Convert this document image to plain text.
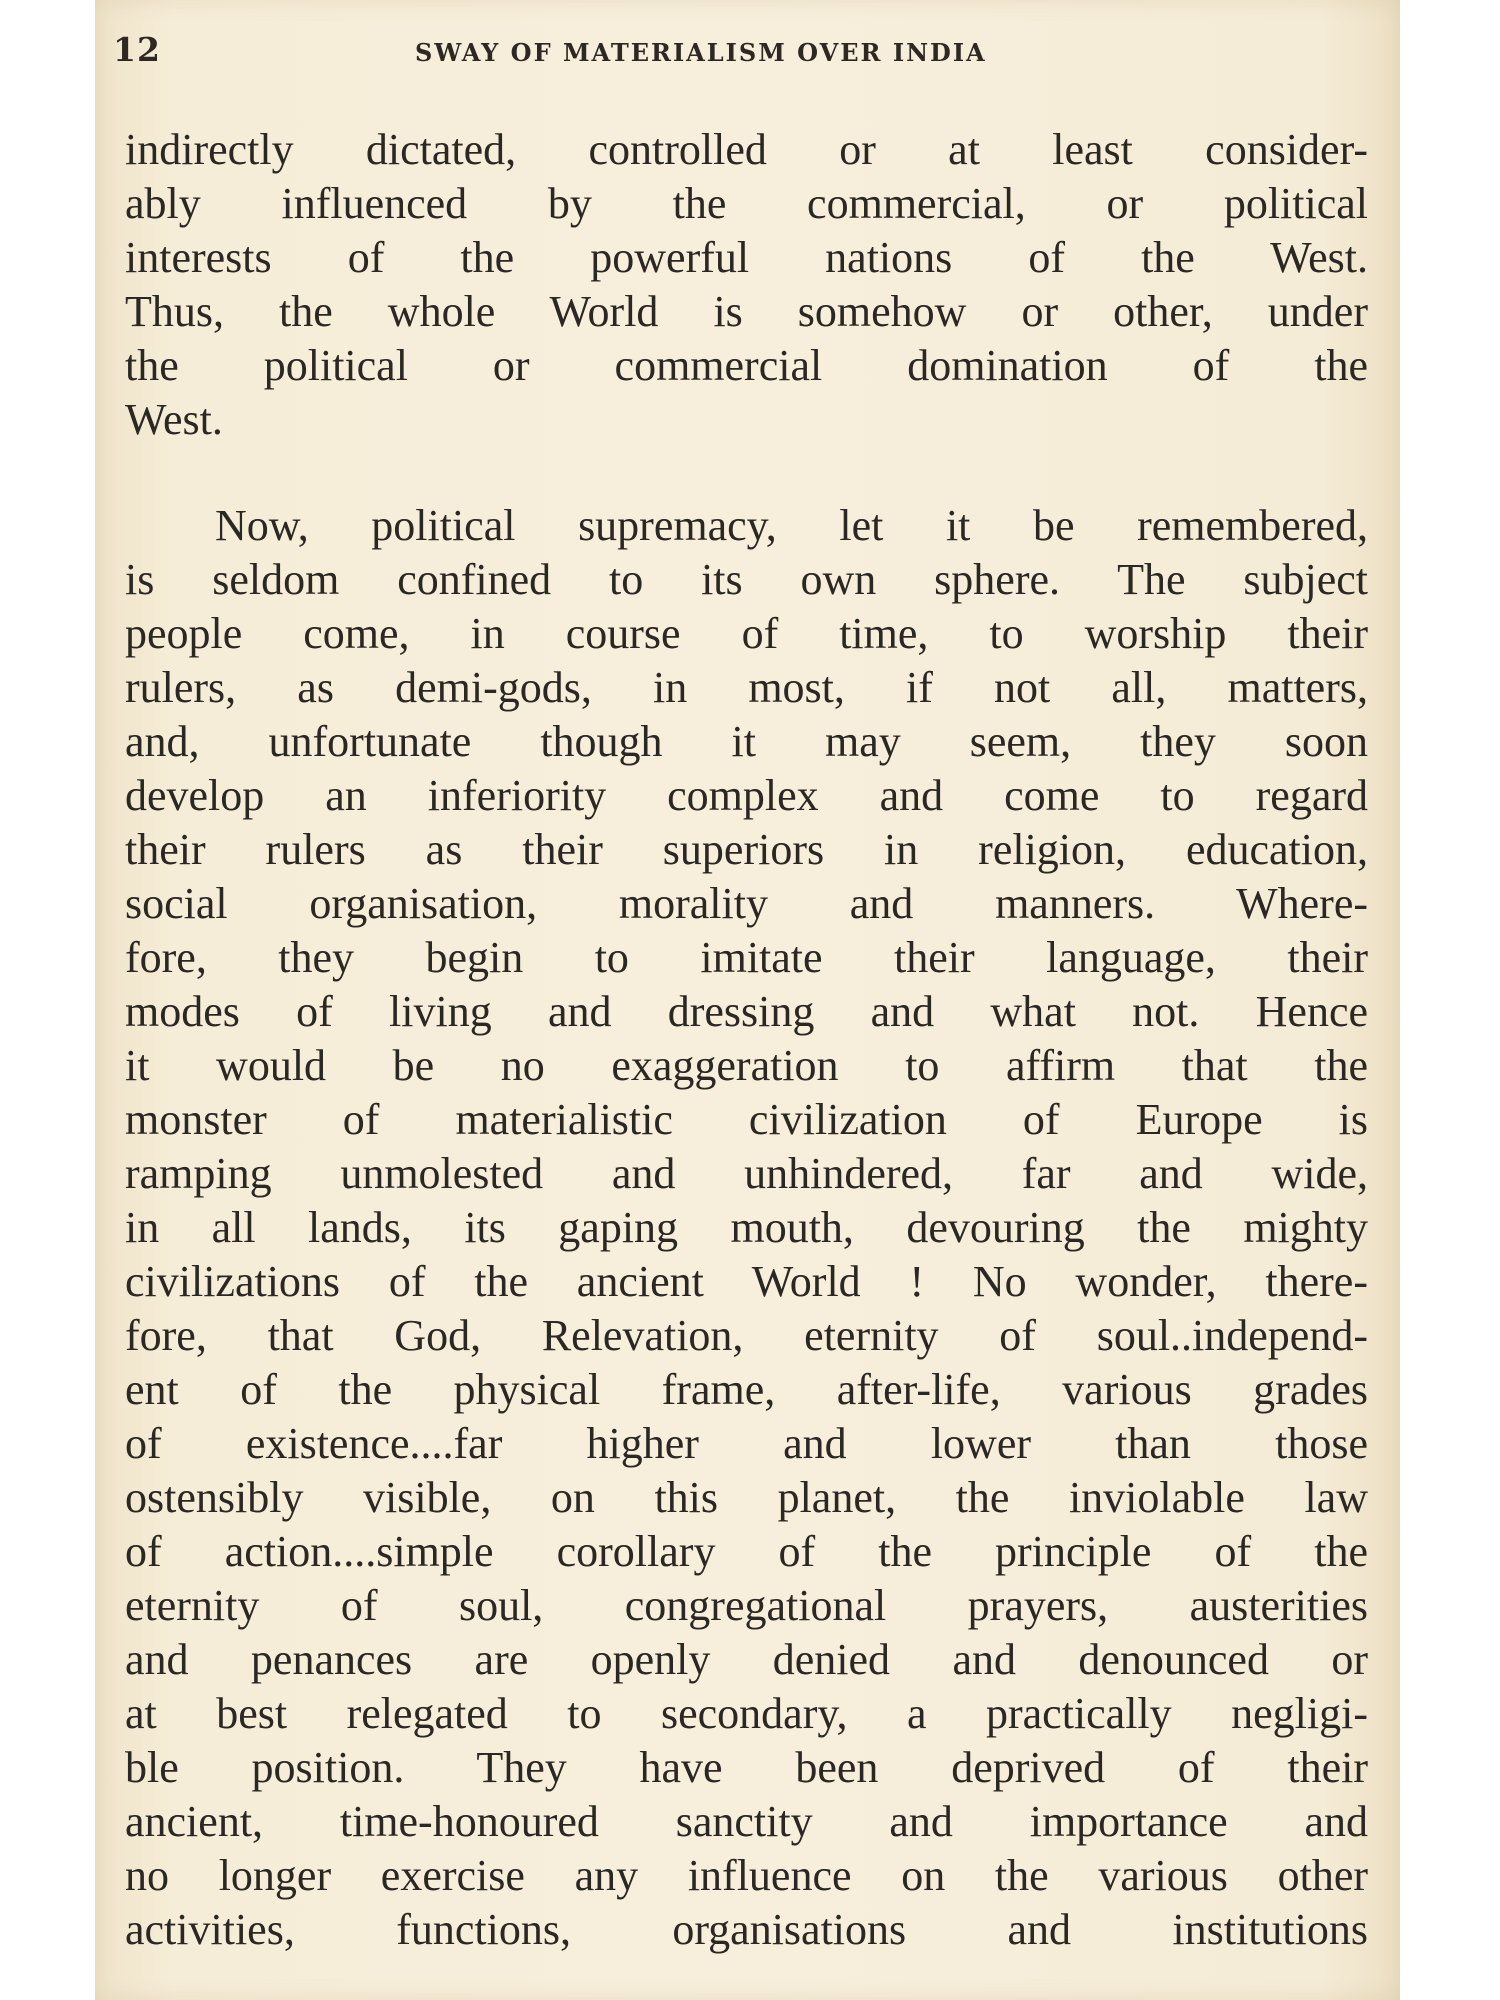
12	SWAY OF MATERIALISM OVER INDIA
indirectly dictated, controlled or at least consider-
ably influenced by the commercial, or political
interests of the powerful nations of the West.
Thus, the whole World is somehow or other, under
the political or commercial domination of the
West.
Now, political supremacy, let it be remembered,
is seldom confined to its own sphere. The subject
people come, in course of time, to worship their
rulers, as demi-gods, in most, if not all, matters,
and, unfortunate though it may seem, they soon
develop an inferiority complex and come to regard
their rulers as their superiors in religion, education,
social organisation, morality and manners. Where-
fore, they begin to imitate their language, their
modes of living and dressing and what not. Hence
it would be no exaggeration to affirm that the
monster of materialistic civilization of Europe is
ramping unmolested and unhindered, far and wide,
in all lands, its gaping mouth, devouring the mighty
civilizations of the ancient World ! No wonder, there-
fore, that God, Relevation, eternity of soul..independ-
ent of the physical frame, after-life, various grades
of existence....far higher and lower than those
ostensibly visible, on this planet, the inviolable law
of action....simple corollary of the principle of the
eternity of soul, congregational prayers, austerities
and penances are openly denied and denounced or
at best relegated to secondary, a practically negligi-
ble position. They have been deprived of their
ancient, time-honoured sanctity and importance and
no longer exercise any influence on the various other
activities, functions, organisations and institutions
